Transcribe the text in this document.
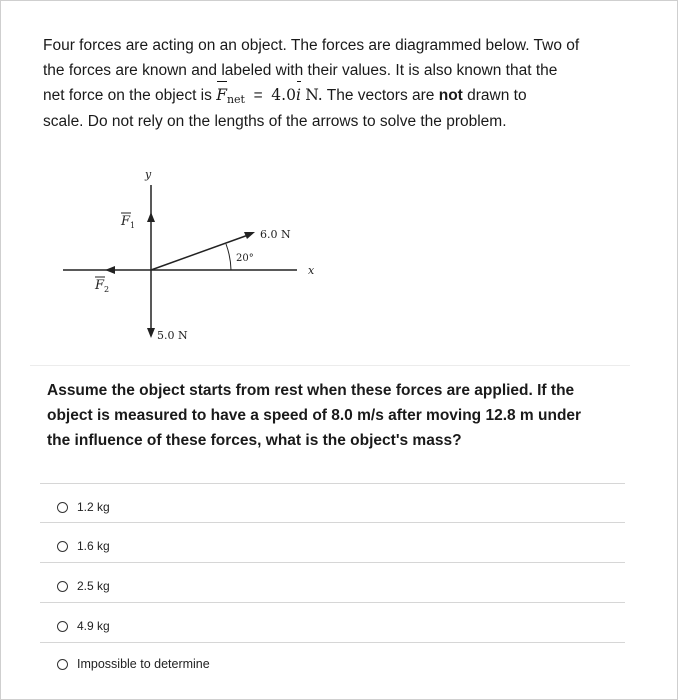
Four forces are acting on an object. The forces are diagrammed below. Two of
the forces are known and labeled with their values. It is also known that the
net force on the object is Fnet = 4.0i N. The vectors are not drawn to
scale. Do not rely on the lengths of the arrows to solve the problem.
y
x
F 1
F 2
6.0 N
20°
5.0 N
Assume the object starts from rest when these forces are applied. If the
object is measured to have a speed of 8.0 m/s after moving 12.8 m under
the influence of these forces, what is the object's mass?
1.2 kg
1.6 kg
2.5 kg
4.9 kg
Impossible to determine
